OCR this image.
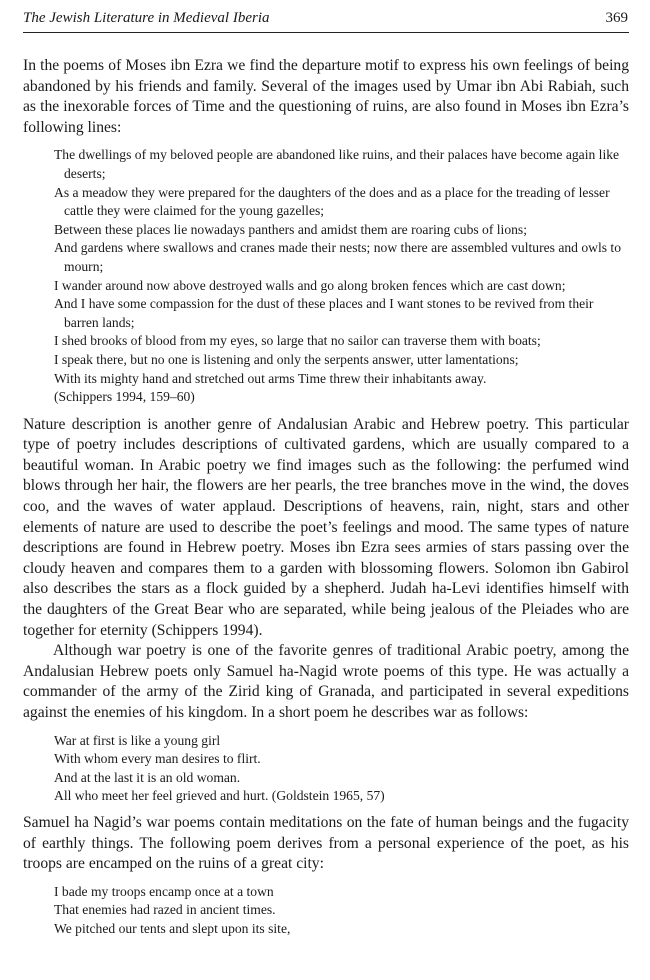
The Jewish Literature in Medieval Iberia	369

In the poems of Moses ibn Ezra we find the departure motif to express his own feelings of being abandoned by his friends and family. Several of the images used by Umar ibn Abi Rabiah, such as the inexorable forces of Time and the questioning of ruins, are also found in Moses ibn Ezra’s following lines:

The dwellings of my beloved people are abandoned like ruins, and their palaces have become again like deserts;
As a meadow they were prepared for the daughters of the does and as a place for the treading of lesser cattle they were claimed for the young gazelles;
Between these places lie nowadays panthers and amidst them are roaring cubs of lions;
And gardens where swallows and cranes made their nests; now there are assembled vultures and owls to mourn;
I wander around now above destroyed walls and go along broken fences which are cast down;
And I have some compassion for the dust of these places and I want stones to be revived from their barren lands;
I shed brooks of blood from my eyes, so large that no sailor can traverse them with boats;
I speak there, but no one is listening and only the serpents answer, utter lamentations;
With its mighty hand and stretched out arms Time threw their inhabitants away.
(Schippers 1994, 159–60)

Nature description is another genre of Andalusian Arabic and Hebrew poetry. This particular type of poetry includes descriptions of cultivated gardens, which are usually compared to a beautiful woman. In Arabic poetry we find images such as the following: the perfumed wind blows through her hair, the flowers are her pearls, the tree branches move in the wind, the doves coo, and the waves of water applaud. Descriptions of heavens, rain, night, stars and other elements of nature are used to describe the poet’s feelings and mood. The same types of nature descriptions are found in Hebrew poetry. Moses ibn Ezra sees armies of stars passing over the cloudy heaven and compares them to a garden with blossoming flowers. Solomon ibn Gabirol also describes the stars as a flock guided by a shepherd. Judah ha-Levi identifies himself with the daughters of the Great Bear who are separated, while being jealous of the Pleiades who are together for eternity (Schippers 1994).

Although war poetry is one of the favorite genres of traditional Arabic poetry, among the Andalusian Hebrew poets only Samuel ha-Nagid wrote poems of this type. He was actually a commander of the army of the Zirid king of Granada, and participated in several expeditions against the enemies of his kingdom. In a short poem he describes war as follows:

War at first is like a young girl
With whom every man desires to flirt.
And at the last it is an old woman.
All who meet her feel grieved and hurt. (Goldstein 1965, 57)

Samuel ha Nagid’s war poems contain meditations on the fate of human beings and the fugacity of earthly things. The following poem derives from a personal experience of the poet, as his troops are encamped on the ruins of a great city:

I bade my troops encamp once at a town
That enemies had razed in ancient times.
We pitched our tents and slept upon its site,
